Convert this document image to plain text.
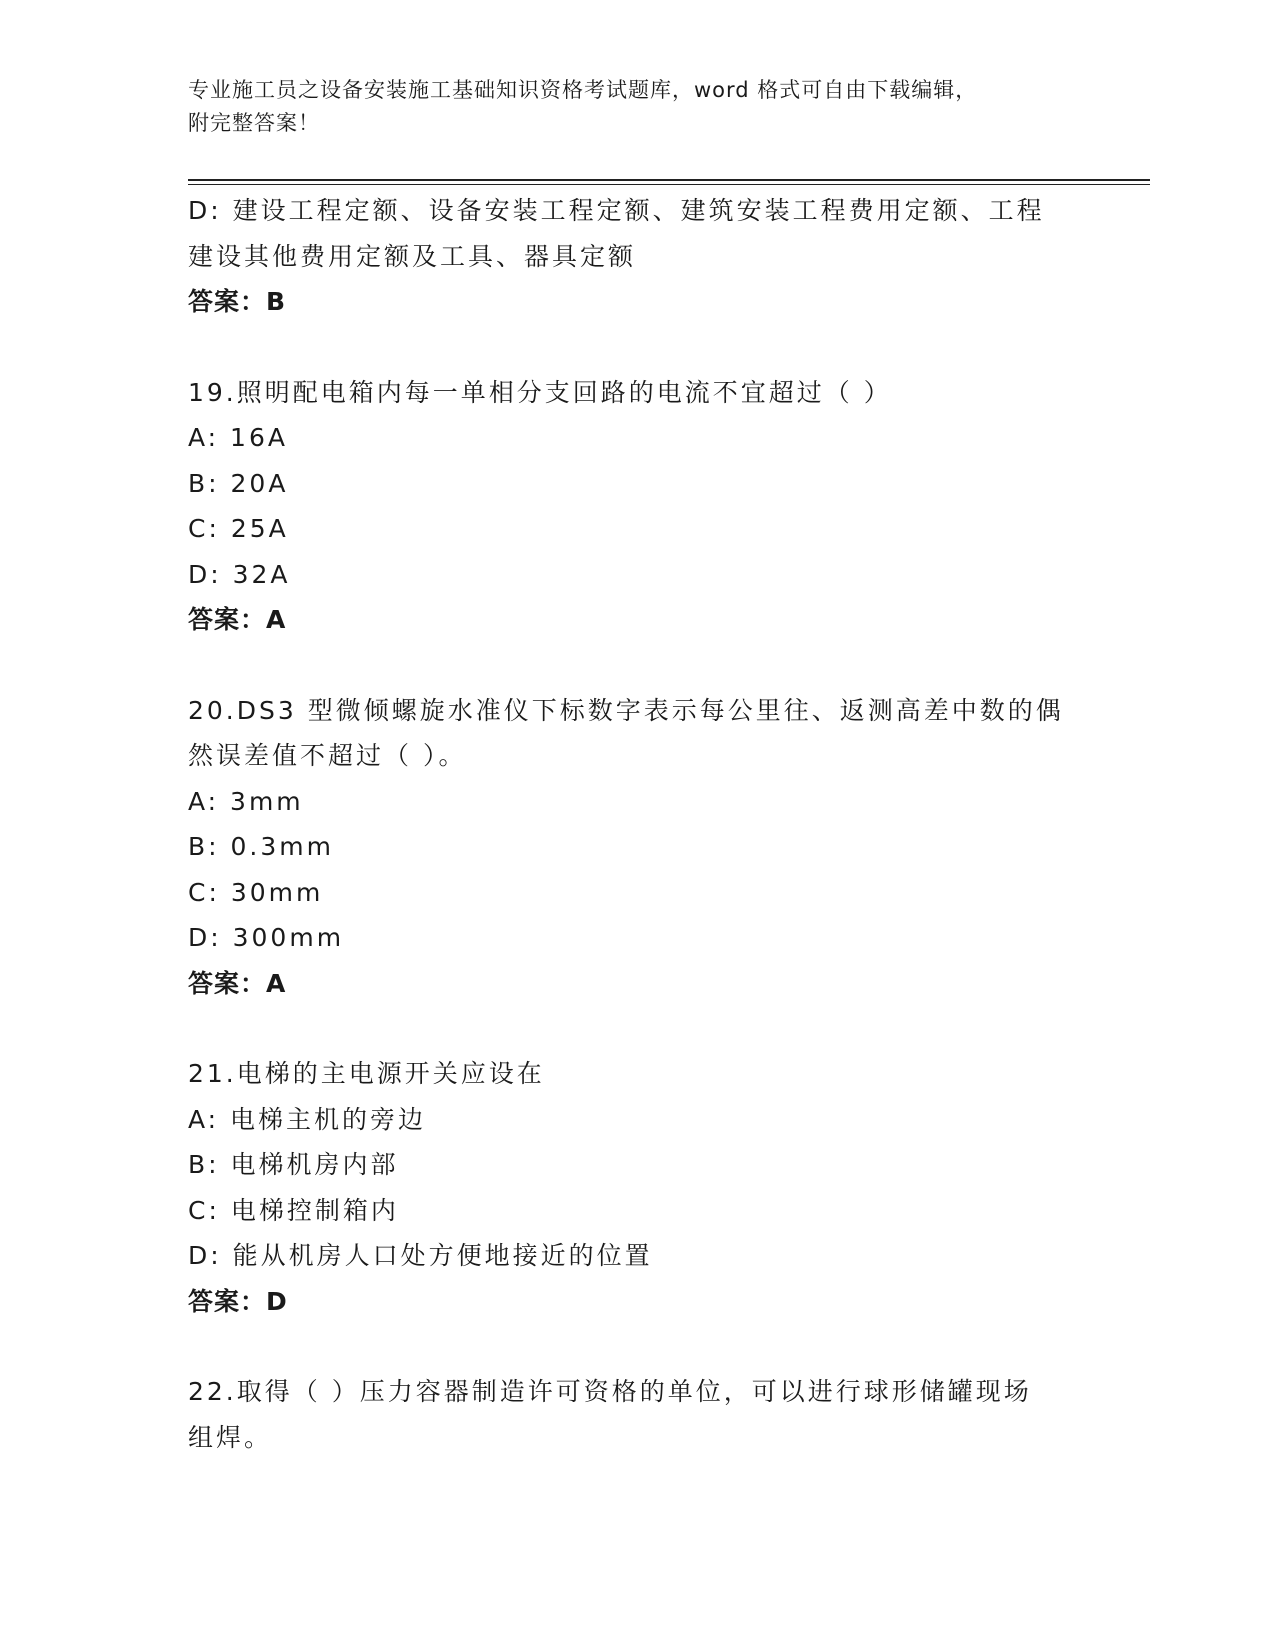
专业施工员之设备安装施工基础知识资格考试题库，word 格式可自由下载编辑，
附完整答案！
D: 建设工程定额、设备安装工程定额、建筑安装工程费用定额、工程
建设其他费用定额及工具、器具定额
答案：B
19.照明配电箱内每一单相分支回路的电流不宜超过（ ）
A: 16A
B: 20A
C: 25A
D: 32A
答案：A
20.DS3 型微倾螺旋水准仪下标数字表示每公里往、返测高差中数的偶
然误差值不超过（ ）。
A: 3mm
B: 0.3mm
C: 30mm
D: 300mm
答案：A
21.电梯的主电源开关应设在
A: 电梯主机的旁边
B: 电梯机房内部
C: 电梯控制箱内
D: 能从机房人口处方便地接近的位置
答案：D
22.取得（ ）压力容器制造许可资格的单位，可以进行球形储罐现场
组焊。
